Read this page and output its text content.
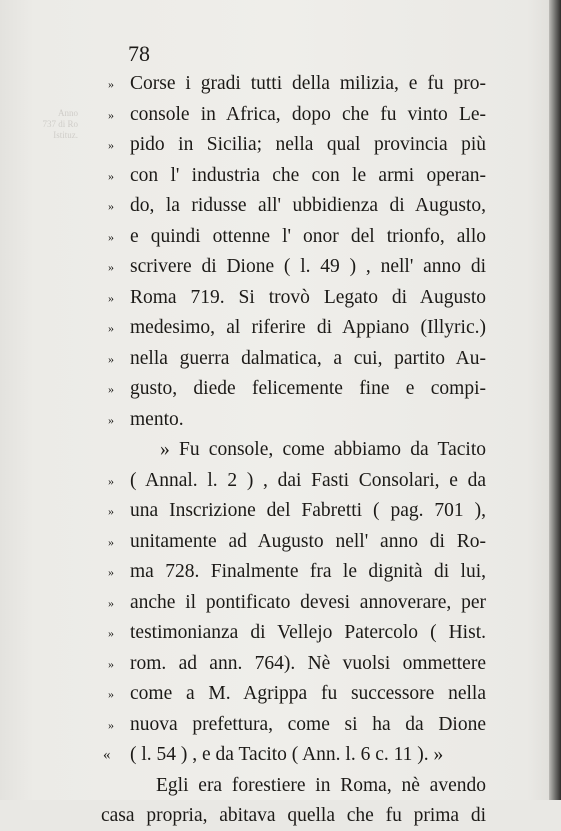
Anno
737 di Ro
Istituz.
78
» Corse i gradi tutti della milizia, e fu pro-
» console in Africa, dopo che fu vinto Le-
» pido in Sicilia; nella qual provincia più
» con l' industria che con le armi operan-
» do, la ridusse all' ubbidienza di Augusto,
» e quindi ottenne l' onor del trionfo, allo
» scrivere di Dione ( l. 49 ) , nell' anno di
» Roma 719. Si trovò Legato di Augusto
» medesimo, al riferire di Appiano (Illyric.)
» nella guerra dalmatica, a cui, partito Au-
» gusto, diede felicemente fine e compi-
» mento.
» Fu console, come abbiamo da Tacito
» ( Annal. l. 2 ) , dai Fasti Consolari, e da
» una Inscrizione del Fabretti ( pag. 701 ),
» unitamente ad Augusto nell' anno di Ro-
» ma 728. Finalmente fra le dignità di lui,
» anche il pontificato devesi annoverare, per
» testimonianza di Vellejo Patercolo ( Hist.
» rom. ad ann. 764). Nè vuolsi ommettere
» come a M. Agrippa fu successore nella
» nuova prefettura, come si ha da Dione
«	( l. 54 ) , e da Tacito ( Ann. l. 6 c. 11 ). »
Egli era forestiere in Roma, nè avendo
casa propria, abitava quella che fu prima di
